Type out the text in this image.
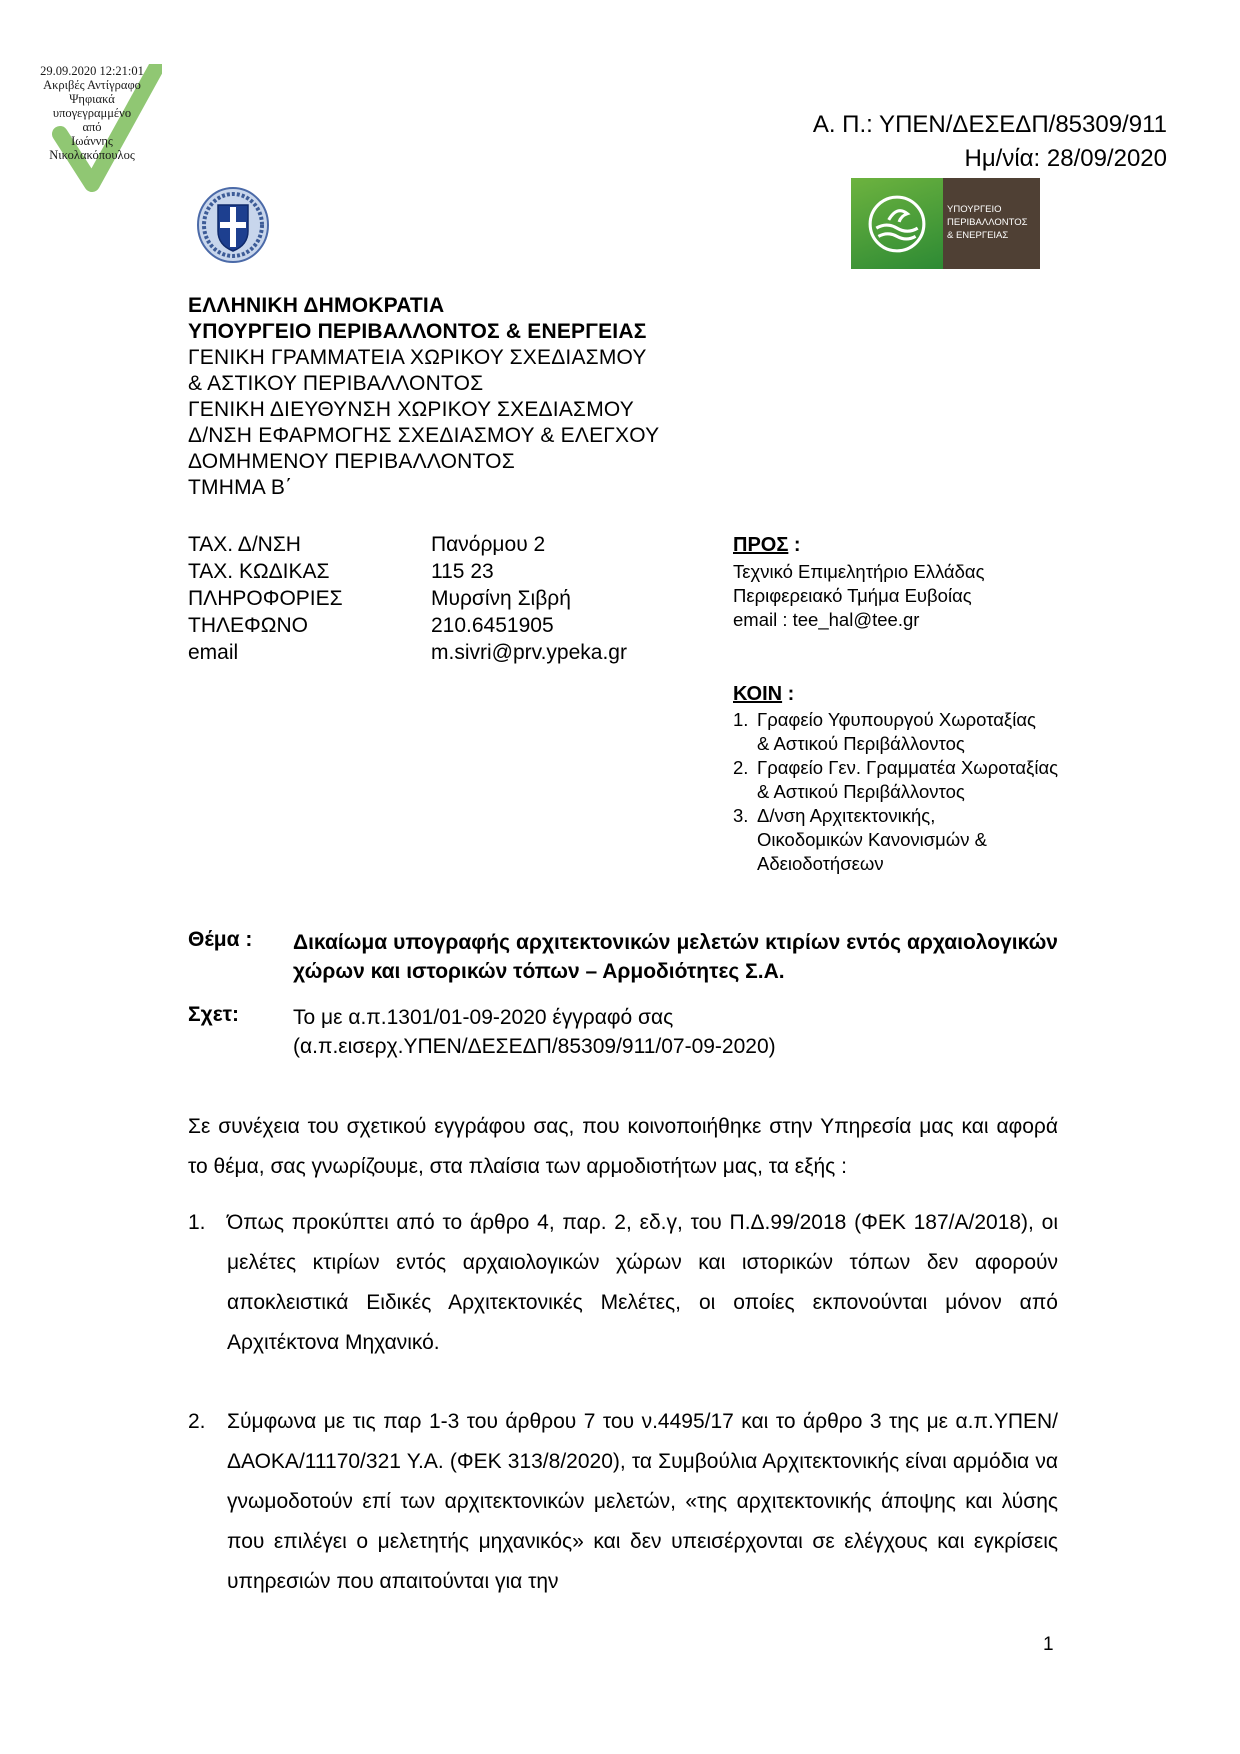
29.09.2020 12:21:01
Ακριβές Αντίγραφο
Ψηφιακά
υπογεγραμμένο
από
Ιωάννης
Νικολακόπουλος
Α. Π.: ΥΠΕΝ/ΔΕΣΕΔΠ/85309/911
Ημ/νία: 28/09/2020
ΥΠΟΥΡΓΕΙΟ
ΠΕΡΙΒΑΛΛΟΝΤΟΣ
& ΕΝΕΡΓΕΙΑΣ
ΕΛΛΗΝΙΚΗ ΔΗΜΟΚΡΑΤΙΑ
ΥΠΟΥΡΓΕΙΟ ΠΕΡΙΒΑΛΛΟΝΤΟΣ & ΕΝΕΡΓΕΙΑΣ
ΓΕΝΙΚΗ ΓΡΑΜΜΑΤΕΙΑ ΧΩΡΙΚΟΥ ΣΧΕΔΙΑΣΜΟΥ
& ΑΣΤΙΚΟΥ ΠΕΡΙΒΑΛΛΟΝΤΟΣ
ΓΕΝΙΚΗ ΔΙΕΥΘΥΝΣΗ ΧΩΡΙΚΟΥ ΣΧΕΔΙΑΣΜΟΥ
Δ/ΝΣΗ ΕΦΑΡΜΟΓΗΣ ΣΧΕΔΙΑΣΜΟΥ & ΕΛΕΓΧΟΥ
ΔΟΜΗΜΕΝΟΥ ΠΕΡΙΒΑΛΛΟΝΤΟΣ
ΤΜΗΜΑ Β΄
ΤΑΧ. Δ/ΝΣΗ	Πανόρμου 2
ΤΑΧ. ΚΩΔΙΚΑΣ	115 23
ΠΛΗΡΟΦΟΡΙΕΣ	Μυρσίνη Σιβρή
ΤΗΛΕΦΩΝΟ	210.6451905
email	m.sivri@prv.ypeka.gr
ΠΡΟΣ :
Τεχνικό Επιμελητήριο Ελλάδας
Περιφερειακό Τμήμα Ευβοίας
email : tee_hal@tee.gr
ΚΟΙΝ :
1. Γραφείο Υφυπουργού Χωροταξίας
& Αστικού Περιβάλλοντος
2. Γραφείο Γεν. Γραμματέα Χωροταξίας
& Αστικού Περιβάλλοντος
3. Δ/νση Αρχιτεκτονικής,
Οικοδομικών Κανονισμών &
Αδειοδοτήσεων
Θέμα : Δικαίωμα υπογραφής αρχιτεκτονικών μελετών κτιρίων εντός αρχαιολογικών χώρων και ιστορικών τόπων – Αρμοδιότητες Σ.Α.
Σχετ:	Το με α.π.1301/01-09-2020 έγγραφό σας
(α.π.εισερχ.ΥΠΕΝ/ΔΕΣΕΔΠ/85309/911/07-09-2020)
Σε συνέχεια του σχετικού εγγράφου σας, που κοινοποιήθηκε στην Υπηρεσία μας και αφορά το θέμα, σας γνωρίζουμε, στα πλαίσια των αρμοδιοτήτων μας, τα εξής :
1. Όπως προκύπτει από το άρθρο 4, παρ. 2, εδ.γ, του Π.Δ.99/2018 (ΦΕΚ 187/Α/2018), οι μελέτες κτιρίων εντός αρχαιολογικών χώρων και ιστορικών τόπων δεν αφορούν αποκλειστικά Ειδικές Αρχιτεκτονικές Μελέτες, οι οποίες εκπονούνται μόνον από Αρχιτέκτονα Μηχανικό.
2. Σύμφωνα με τις παρ 1-3 του άρθρου 7 του ν.4495/17 και το άρθρο 3 της με α.π.ΥΠΕΝ/ΔΑΟΚΑ/11170/321 Υ.Α. (ΦΕΚ 313/8/2020), τα Συμβούλια Αρχιτεκτονικής είναι αρμόδια να γνωμοδοτούν επί των αρχιτεκτονικών μελετών, «της αρχιτεκτονικής άποψης και λύσης που επιλέγει ο μελετητής μηχανικός» και δεν υπεισέρχονται σε ελέγχους και εγκρίσεις υπηρεσιών που απαιτούνται για την
1
